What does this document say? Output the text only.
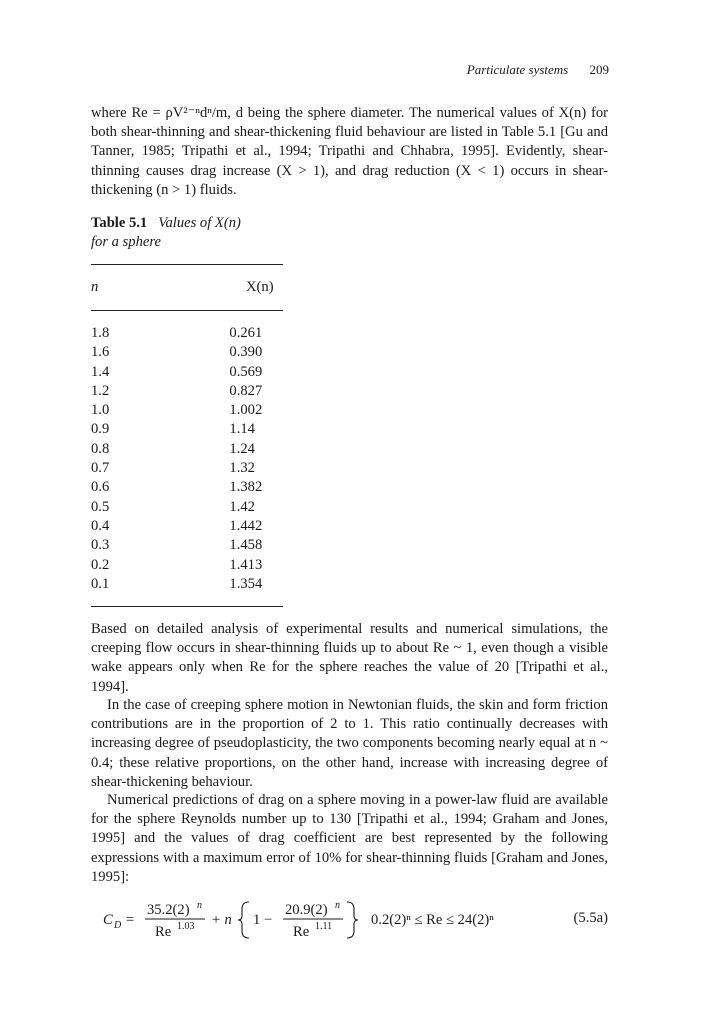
Particulate systems 209

where Re = ρV²⁻ⁿdⁿ/m, d being the sphere diameter. The numerical values of X(n) for both shear-thinning and shear-thickening fluid behaviour are listed in Table 5.1 [Gu and Tanner, 1985; Tripathi et al., 1994; Tripathi and Chhabra, 1995]. Evidently, shear-thinning causes drag increase (X > 1), and drag reduction (X < 1) occurs in shear-thickening (n > 1) fluids.

Table 5.1 Values of X(n)
for a sphere
n	X(n)
1.8	0.261
1.6	0.390
1.4	0.569
1.2	0.827
1.0	1.002
0.9	1.14
0.8	1.24
0.7	1.32
0.6	1.382
0.5	1.42
0.4	1.442
0.3	1.458
0.2	1.413
0.1	1.354

Based on detailed analysis of experimental results and numerical simulations, the creeping flow occurs in shear-thinning fluids up to about Re ~ 1, even though a visible wake appears only when Re for the sphere reaches the value of 20 [Tripathi et al., 1994].

In the case of creeping sphere motion in Newtonian fluids, the skin and form friction contributions are in the proportion of 2 to 1. This ratio continually decreases with increasing degree of pseudoplasticity, the two components becoming nearly equal at n ~ 0.4; these relative proportions, on the other hand, increase with increasing degree of shear-thickening behaviour.

Numerical predictions of drag on a sphere moving in a power-law fluid are available for the sphere Reynolds number up to 130 [Tripathi et al., 1994; Graham and Jones, 1995] and the values of drag coefficient are best represented by the following expressions with a maximum error of 10% for shear-thinning fluids [Graham and Jones, 1995]:

C D =
35.2(2) n
Re 1.03 + n 1 −
20.9(2) n
Re 1.11	0.2(2)ⁿ ≤ Re ≤ 24(2)ⁿ	(5.5a)
